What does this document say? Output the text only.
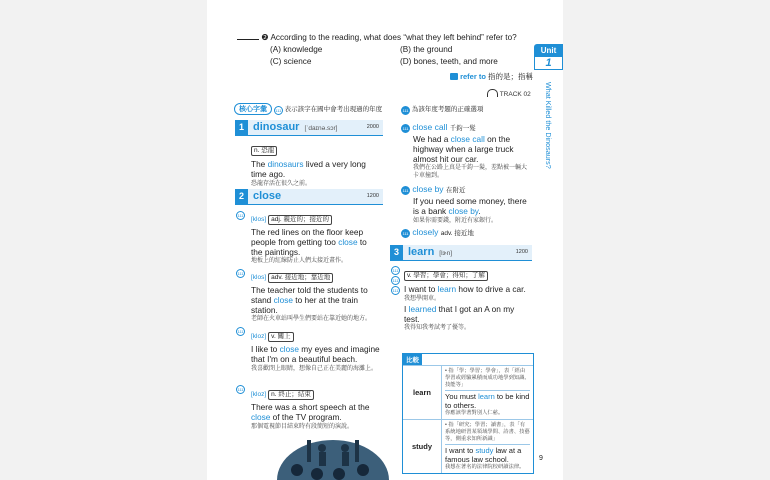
❷ According to the reading, what does “what they left behind” refer to?
(A) knowledge	(B) the ground
(C) science	(D) bones, teeth, and more
refer to 指的是；指稱
TRACK 02
Unit
1
What Killed the Dinosaurs?
核心字彙 111 表示該字在國中會考出現過的年度	111 為該年度考題的正確選項
1 dinosaur [ˈdaɪnə.sɔr]	2000
n. 恐龍
The dinosaurs lived a very long time ago.
恐龍存活在很久之前。
2 close	1200
[klos] adj. 親近的；接近的
The red lines on the floor keep
people from getting too close to
the paintings.
地板上的紅線防止人們太接近畫作。
[klos] adv. 接近地；靠近地
The teacher told the students to
stand close to her at the train
station.
老師在火車站叫學生們要站在靠近她的地方。
[kloz] v. 關上
I like to close my eyes and imagine
that I'm on a beautiful beach.
我喜歡閉上眼睛，想像自己正在美麗的海灘上。
[kloz] n. 終止；結束
There was a short speech at the
close of the TV program.
那個電視節目結束時有段簡短的演說。
111
111
111
111
111 close call 千鈞一髮
We had a close call on the highway when a large truck almost hit our car.
我們在公路上真是千鈞一髮，差點被一輛大卡車撞到。
111 close by 在附近
If you need some money, there is a bank close by.
如果你需要錢，附近有家銀行。
111 closely adv. 接近地
3 learn [lɝn]	1200
v. 學習；學會；得知；了解
I want to learn how to drive a car.
我想學開車。
I learned that I got an A on my test.
我得知我考試考了優等。
111
111
111
比較
learn	• 指「學；學習；學會」，表「經由學習或經驗累積而成功地學到知識、技能等」
You must learn to be kind to others.
你應該學著對別人仁慈。

study	• 指「研究；學習；讀書」，表「有系統地研習某領域學問、詩書、技藝等，側重求知所新識」
I want to study law at a famous law school.
我想在著名的法律院校研讀法律。
9
